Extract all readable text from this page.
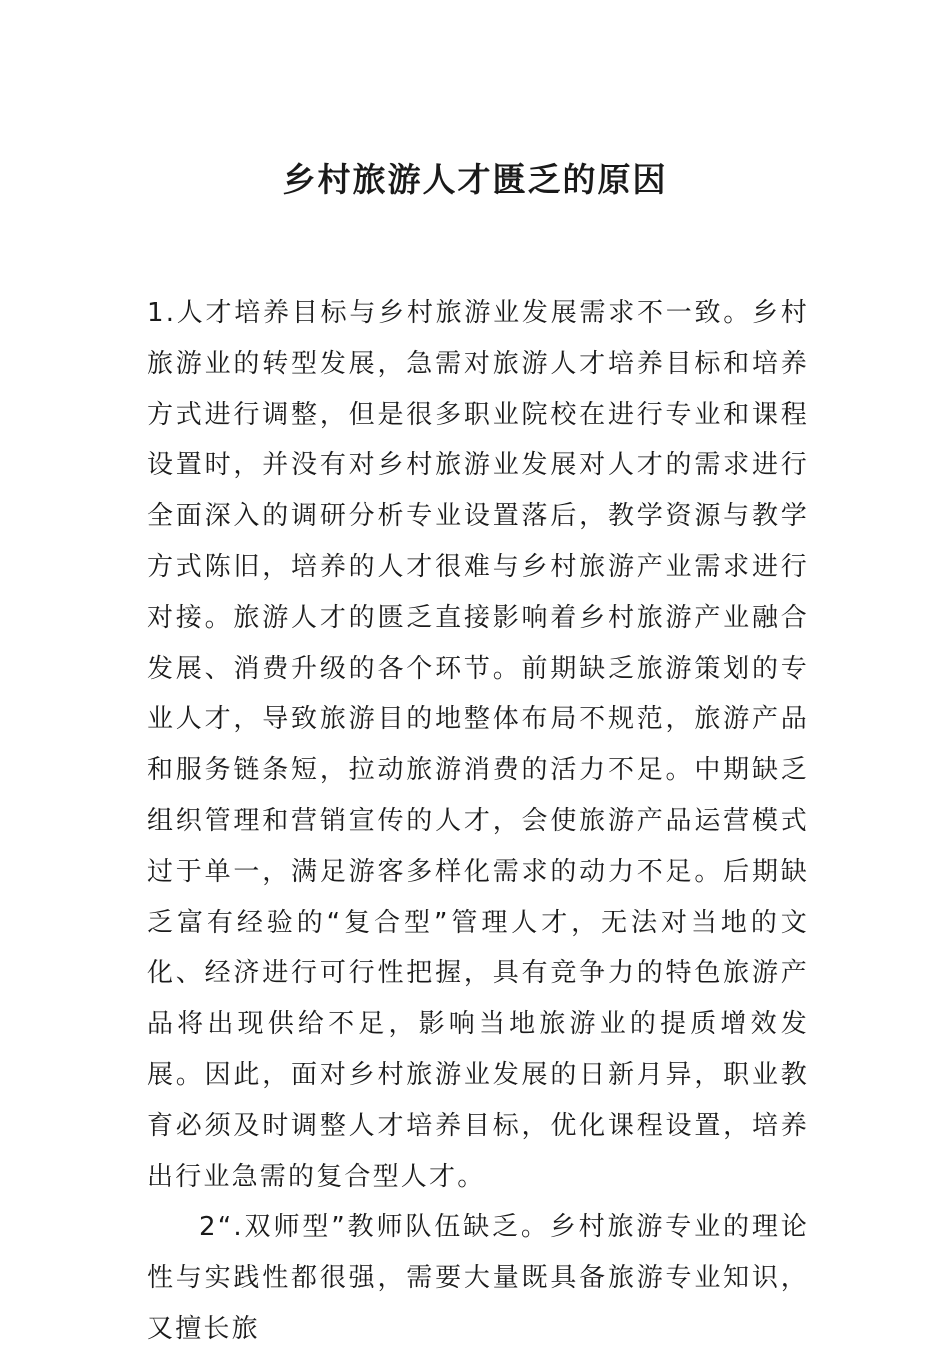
乡村旅游人才匮乏的原因

1.人才培养目标与乡村旅游业发展需求不一致。乡村旅游业的转型发展，急需对旅游人才培养目标和培养方式进行调整，但是很多职业院校在进行专业和课程设置时，并没有对乡村旅游业发展对人才的需求进行全面深入的调研分析专业设置落后，教学资源与教学方式陈旧，培养的人才很难与乡村旅游产业需求进行对接。旅游人才的匮乏直接影响着乡村旅游产业融合发展、消费升级的各个环节。前期缺乏旅游策划的专业人才，导致旅游目的地整体布局不规范，旅游产品和服务链条短，拉动旅游消费的活力不足。中期缺乏组织管理和营销宣传的人才，会使旅游产品运营模式过于单一，满足游客多样化需求的动力不足。后期缺乏富有经验的“复合型”管理人才，无法对当地的文化、经济进行可行性把握，具有竞争力的特色旅游产品将出现供给不足，影响当地旅游业的提质增效发展。因此，面对乡村旅游业发展的日新月异，职业教育必须及时调整人才培养目标，优化课程设置，培养出行业急需的复合型人才。

2“.双师型”教师队伍缺乏。乡村旅游专业的理论性与实践性都很强，需要大量既具备旅游专业知识，又擅长旅
